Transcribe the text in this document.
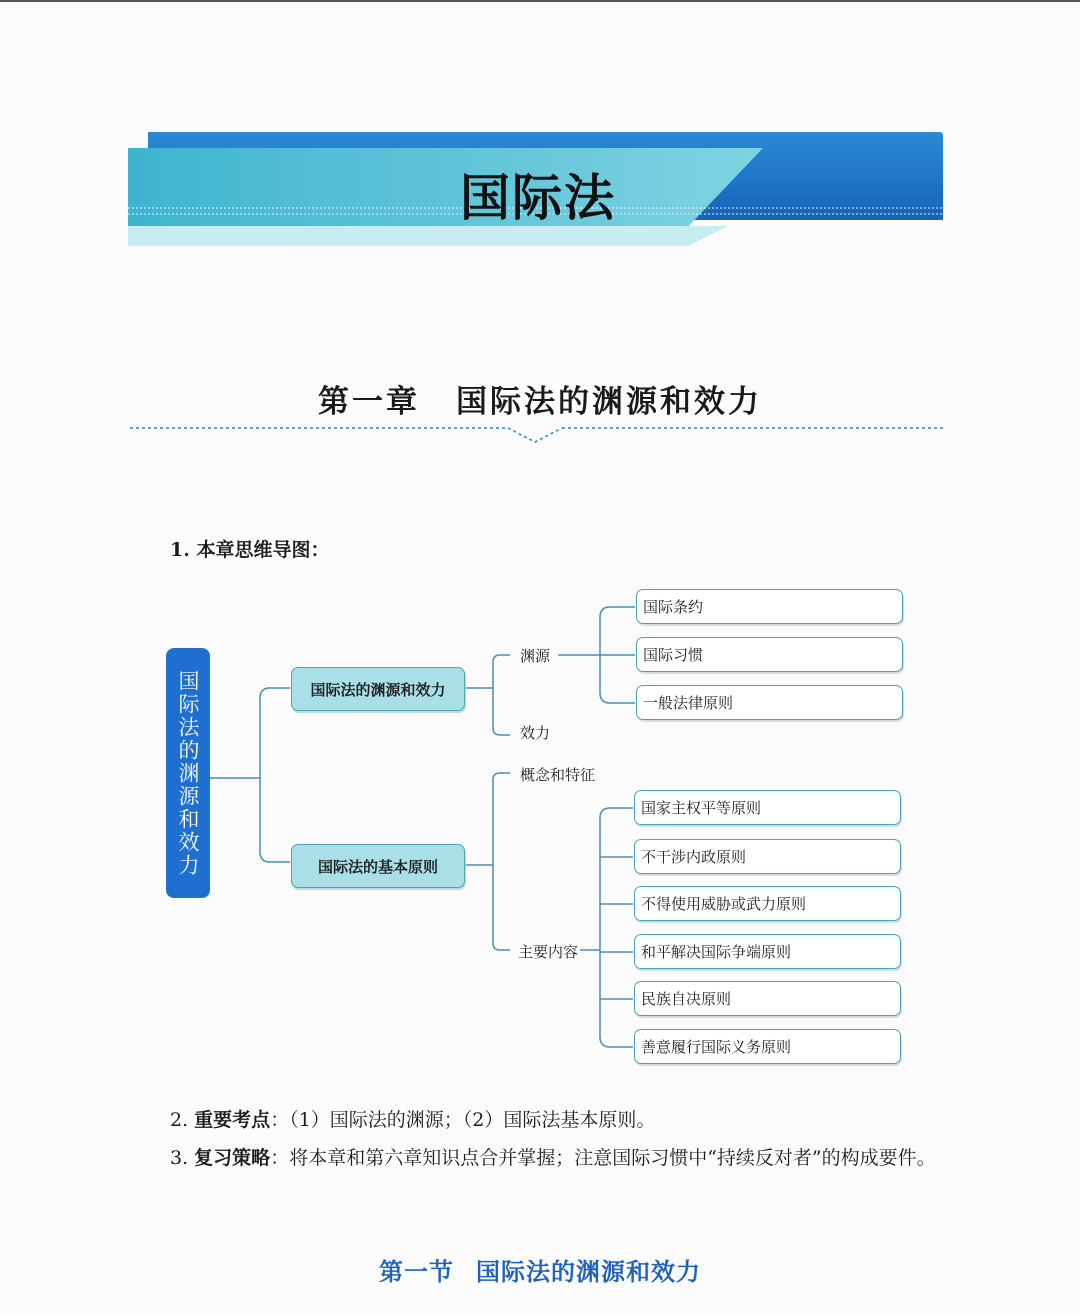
国际法
第一章 国际法的渊源和效力
1. 本章思维导图：
国际法的渊源和效力	国际法的渊源和效力
渊源
效力
国际条约
国际习惯
一般法律原则
国际法的基本原则
概念和特征
主要内容
国家主权平等原则
不干涉内政原则
不得使用威胁或武力原则
和平解决国际争端原则
民族自决原则
善意履行国际义务原则
2. 重要考点：（1）国际法的渊源；（2）国际法基本原则。
3. 复习策略：将本章和第六章知识点合并掌握；注意国际习惯中“持续反对者”的构成要件。
第一节 国际法的渊源和效力
